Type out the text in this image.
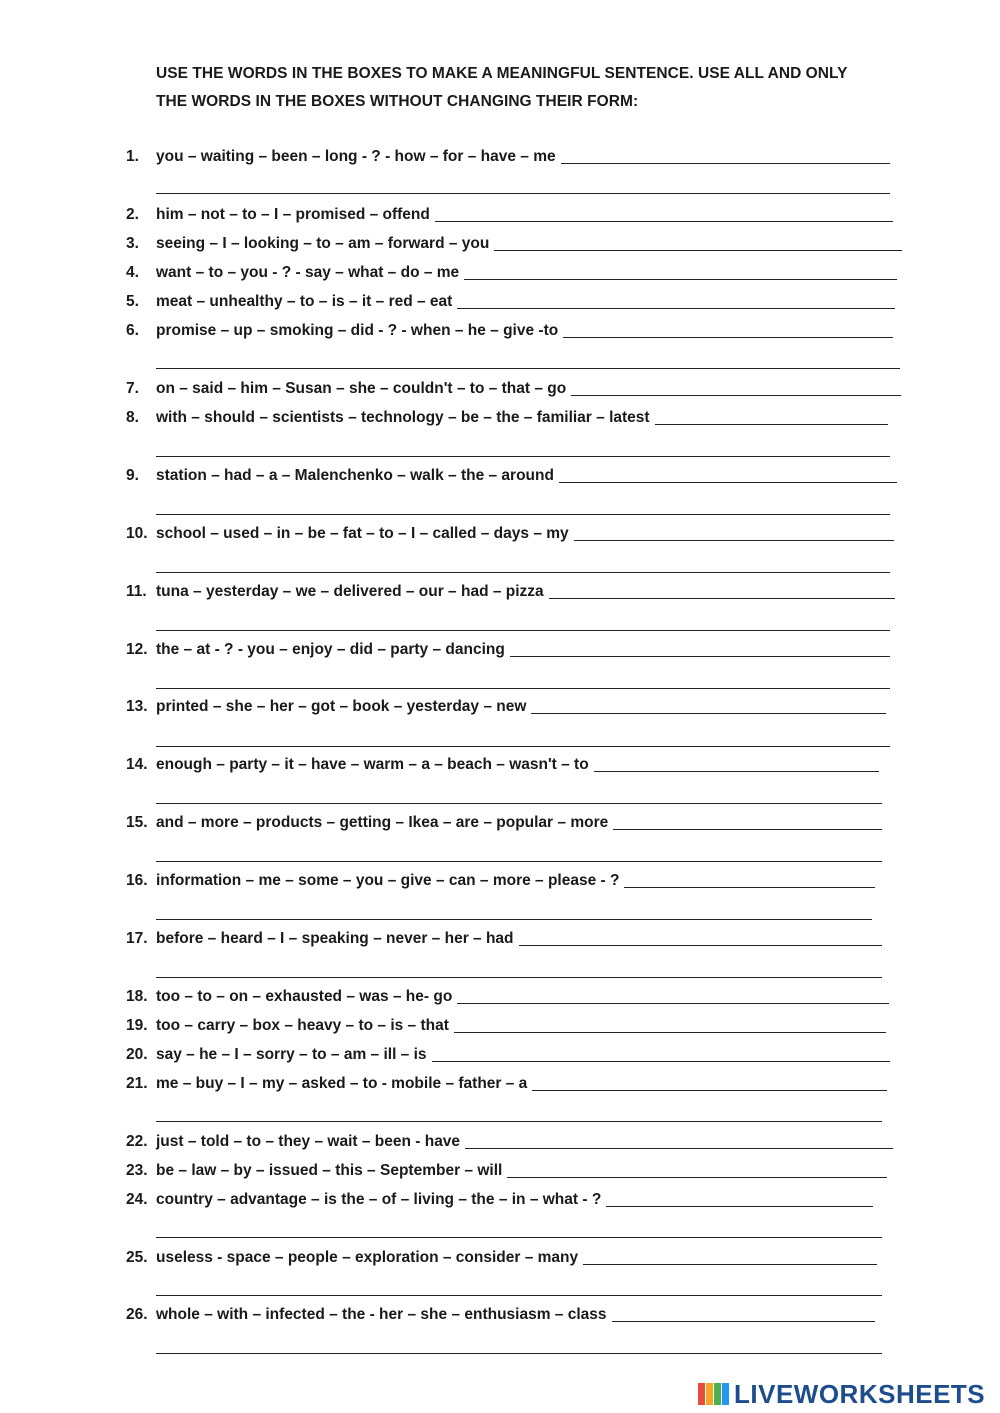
USE THE WORDS IN THE BOXES TO MAKE A MEANINGFUL SENTENCE. USE ALL AND ONLY
THE WORDS IN THE BOXES WITHOUT CHANGING THEIR FORM:
1. you – waiting – been – long - ? - how – for – have – me
2. him – not – to – I – promised – offend
3. seeing – I – looking – to – am – forward – you
4. want – to – you - ? - say – what – do – me
5. meat – unhealthy – to – is – it – red – eat
6. promise – up – smoking – did - ? - when – he – give -to
7. on – said – him – Susan – she – couldn't – to – that – go
8. with – should – scientists – technology – be – the – familiar – latest
9. station – had – a – Malenchenko – walk – the – around
10. school – used – in – be – fat – to – I – called – days – my
11. tuna – yesterday – we – delivered – our – had – pizza
12. the – at - ? - you – enjoy – did – party – dancing
13. printed – she – her – got – book – yesterday – new
14. enough – party – it – have – warm – a – beach – wasn't – to
15. and – more – products – getting – Ikea – are – popular – more
16. information – me – some – you – give – can – more – please - ?
17. before – heard – I – speaking – never – her – had
18. too – to – on – exhausted – was – he- go
19. too – carry – box – heavy – to – is – that
20. say – he – I – sorry – to – am – ill – is
21. me – buy – I – my – asked – to - mobile – father – a
22. just – told – to – they – wait – been - have
23. be – law – by – issued – this – September – will
24. country – advantage – is the – of – living – the – in – what - ?
25. useless - space – people – exploration – consider – many
26. whole – with – infected – the - her – she – enthusiasm – class
LIVEWORKSHEETS
